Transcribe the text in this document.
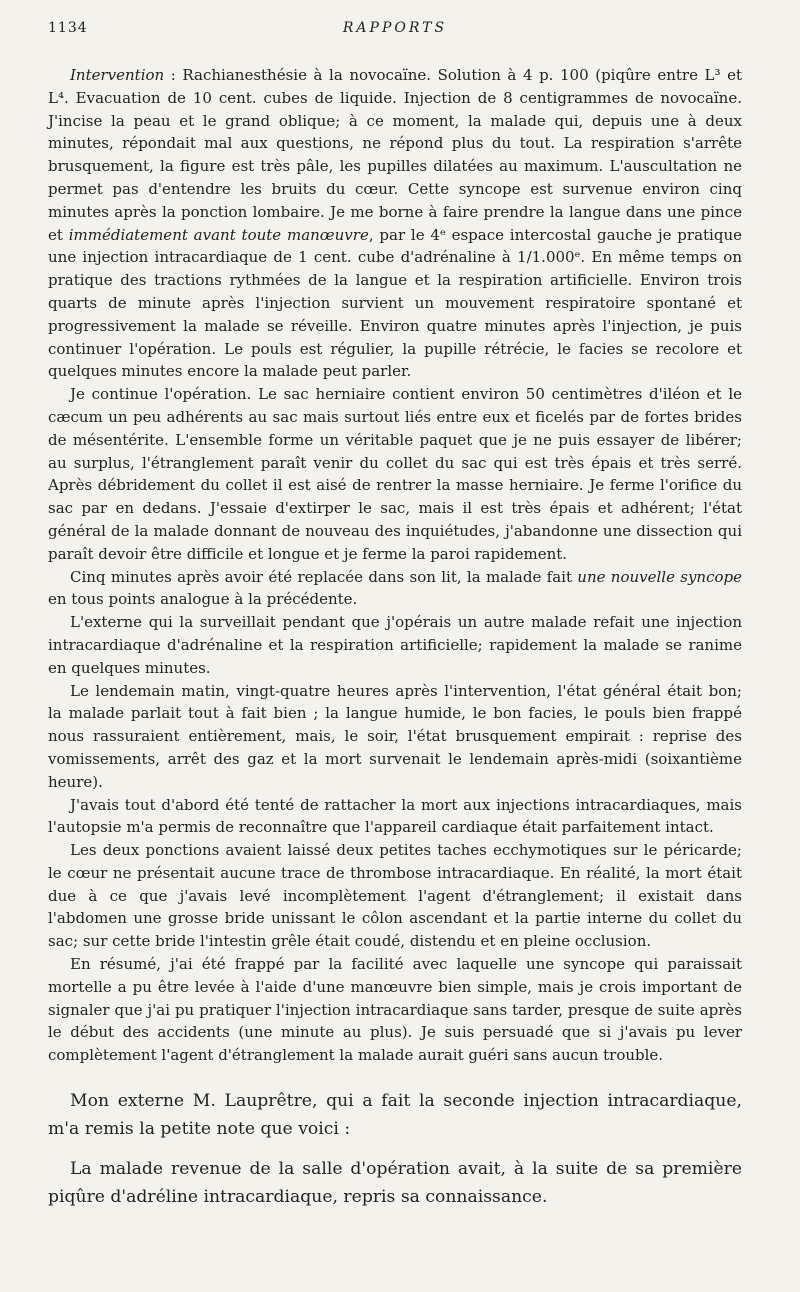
1134	RAPPORTS

Intervention : Rachianesthésie à la novocaïne. Solution à 4 p. 100 (piqûre entre L³ et L⁴. Evacuation de 10 cent. cubes de liquide. Injection de 8 centigrammes de novocaïne. J'incise la peau et le grand oblique; à ce moment, la malade qui, depuis une à deux minutes, répondait mal aux questions, ne répond plus du tout. La respiration s'arrête brusquement, la figure est très pâle, les pupilles dilatées au maximum. L'auscultation ne permet pas d'entendre les bruits du cœur. Cette syncope est survenue environ cinq minutes après la ponction lombaire. Je me borne à faire prendre la langue dans une pince et immédiatement avant toute manœuvre, par le 4ᵉ espace intercostal gauche je pratique une injection intracardiaque de 1 cent. cube d'adrénaline à 1/1.000ᵉ. En même temps on pratique des tractions rythmées de la langue et la respiration artificielle. Environ trois quarts de minute après l'injection survient un mouvement respiratoire spontané et progressivement la malade se réveille. Environ quatre minutes après l'injection, je puis continuer l'opération. Le pouls est régulier, la pupille rétrécie, le facies se recolore et quelques minutes encore la malade peut parler.

Je continue l'opération. Le sac herniaire contient environ 50 centimètres d'iléon et le cæcum un peu adhérents au sac mais surtout liés entre eux et ficelés par de fortes brides de mésentérite. L'ensemble forme un véritable paquet que je ne puis essayer de libérer; au surplus, l'étranglement paraît venir du collet du sac qui est très épais et très serré. Après débridement du collet il est aisé de rentrer la masse herniaire. Je ferme l'orifice du sac par en dedans. J'essaie d'extirper le sac, mais il est très épais et adhérent; l'état général de la malade donnant de nouveau des inquiétudes, j'abandonne une dissection qui paraît devoir être difficile et longue et je ferme la paroi rapidement.

Cinq minutes après avoir été replacée dans son lit, la malade fait une nouvelle syncope en tous points analogue à la précédente.

L'externe qui la surveillait pendant que j'opérais un autre malade refait une injection intracardiaque d'adrénaline et la respiration artificielle; rapidement la malade se ranime en quelques minutes.

Le lendemain matin, vingt-quatre heures après l'intervention, l'état général était bon; la malade parlait tout à fait bien ; la langue humide, le bon facies, le pouls bien frappé nous rassuraient entièrement, mais, le soir, l'état brusquement empirait : reprise des vomissements, arrêt des gaz et la mort survenait le lendemain après-midi (soixantième heure).

J'avais tout d'abord été tenté de rattacher la mort aux injections intracardiaques, mais l'autopsie m'a permis de reconnaître que l'appareil cardiaque était parfaitement intact.

Les deux ponctions avaient laissé deux petites taches ecchymotiques sur le péricarde; le cœur ne présentait aucune trace de thrombose intracardiaque. En réalité, la mort était due à ce que j'avais levé incomplètement l'agent d'étranglement; il existait dans l'abdomen une grosse bride unissant le côlon ascendant et la partie interne du collet du sac; sur cette bride l'intestin grêle était coudé, distendu et en pleine occlusion.

En résumé, j'ai été frappé par la facilité avec laquelle une syncope qui paraissait mortelle a pu être levée à l'aide d'une manœuvre bien simple, mais je crois important de signaler que j'ai pu pratiquer l'injection intracardiaque sans tarder, presque de suite après le début des accidents (une minute au plus). Je suis persuadé que si j'avais pu lever complètement l'agent d'étranglement la malade aurait guéri sans aucun trouble.

Mon externe M. Lauprêtre, qui a fait la seconde injection intracardiaque, m'a remis la petite note que voici :

La malade revenue de la salle d'opération avait, à la suite de sa première piqûre d'adréline intracardiaque, repris sa connaissance.
